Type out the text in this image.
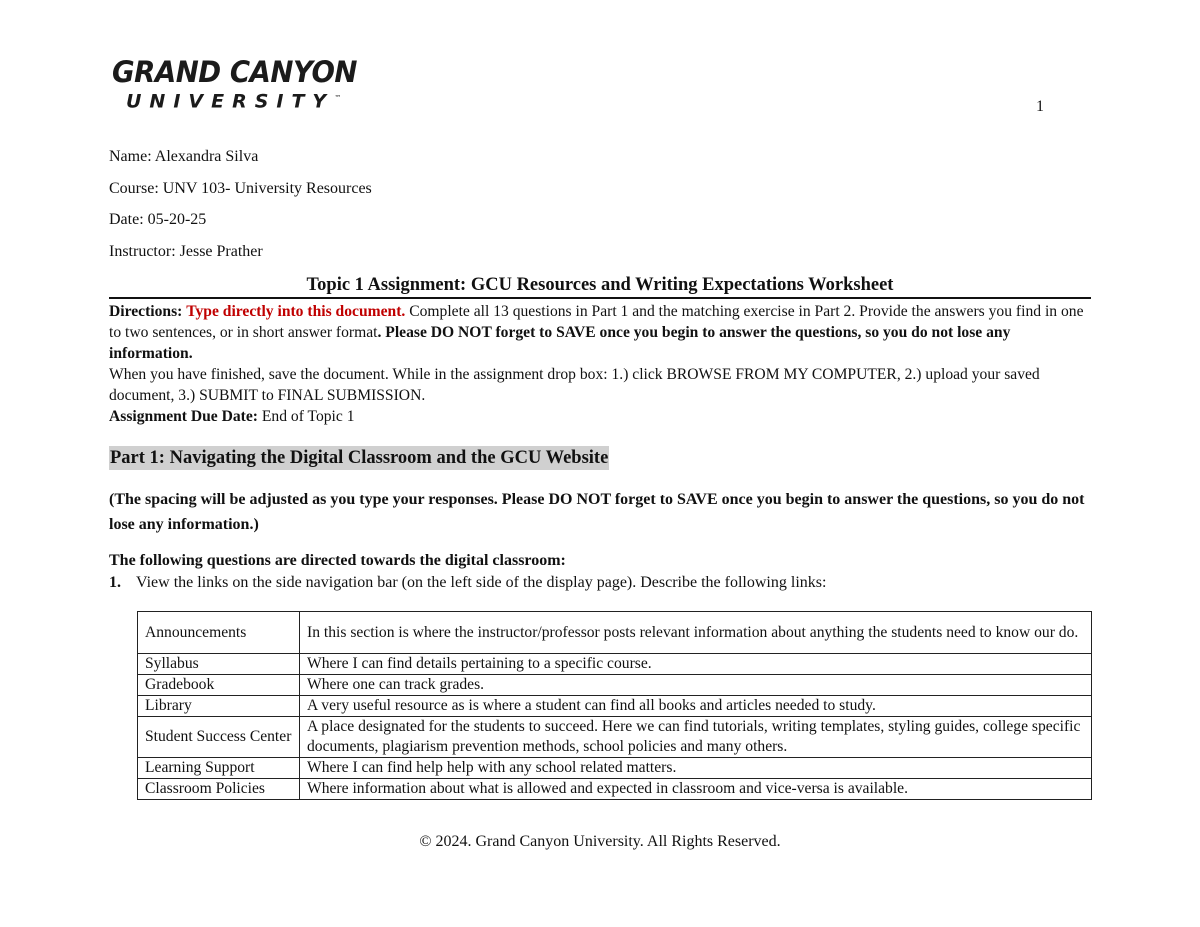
GRAND CANYON
UNIVERSITY™	1
Name: Alexandra Silva
Course: UNV 103- University Resources
Date: 05-20-25
Instructor: Jesse Prather
Topic 1 Assignment: GCU Resources and Writing Expectations Worksheet
Directions: Type directly into this document. Complete all 13 questions in Part 1 and the matching exercise in Part 2. Provide the answers you find in one to two sentences, or in short answer format. Please DO NOT forget to SAVE once you begin to answer the questions, so you do not lose any information.
When you have finished, save the document. While in the assignment drop box: 1.) click BROWSE FROM MY COMPUTER, 2.) upload your saved document, 3.) SUBMIT to FINAL SUBMISSION.
Assignment Due Date: End of Topic 1
Part 1: Navigating the Digital Classroom and the GCU Website
(The spacing will be adjusted as you type your responses. Please DO NOT forget to SAVE once you begin to answer the questions, so you do not lose any information.)
The following questions are directed towards the digital classroom:
1. View the links on the side navigation bar (on the left side of the display page). Describe the following links:
Announcements	In this section is where the instructor/professor posts relevant information about anything the students need to know our do.
Syllabus	Where I can find details pertaining to a specific course.
Gradebook	Where one can track grades.
Library	A very useful resource as is where a student can find all books and articles needed to study.
Student Success Center	A place designated for the students to succeed. Here we can find tutorials, writing templates, styling guides, college specific documents, plagiarism prevention methods, school policies and many others.
Learning Support	Where I can find help help with any school related matters.
Classroom Policies	Where information about what is allowed and expected in classroom and vice-versa is available.
© 2024. Grand Canyon University. All Rights Reserved.
